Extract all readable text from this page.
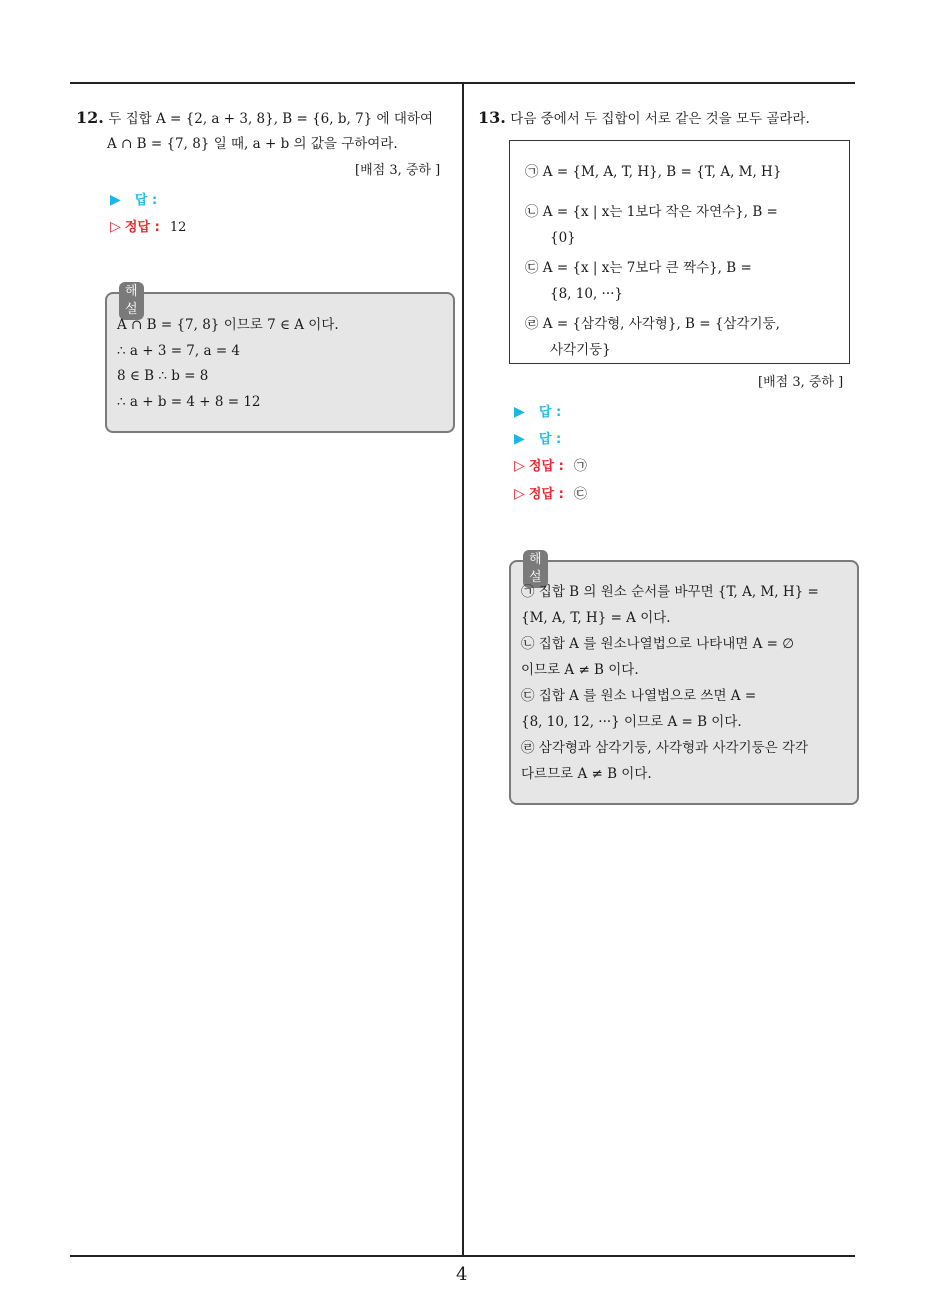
12. 두 집합 A = {2, a + 3, 8}, B = {6, b, 7} 에 대하여
A ∩ B = {7, 8} 일 때, a + b 의 값을 구하여라.
[배점 3, 중하 ]
▶ 답 :
▷ 정답 : 12
해설
A ∩ B = {7, 8} 이므로 7 ∈ A 이다.
∴ a + 3 = 7, a = 4
8 ∈ B ∴ b = 8
∴ a + b = 4 + 8 = 12
13. 다음 중에서 두 집합이 서로 같은 것을 모두 골라라.
㉠ A = {M, A, T, H}, B = {T, A, M, H}
㉡ A = {x | x는 1보다 작은 자연수}, B =
{0}
㉢ A = {x | x는 7보다 큰 짝수}, B =
{8, 10, ···}
㉣ A = {삼각형, 사각형}, B = {삼각기둥,
사각기둥}
[배점 3, 중하 ]
▶ 답 :
▶ 답 :
▷ 정답 : ㉠
▷ 정답 : ㉢
해설
㉠ 집합 B 의 원소 순서를 바꾸면 {T, A, M, H} =
{M, A, T, H} = A 이다.
㉡ 집합 A 를 원소나열법으로 나타내면 A = ∅
이므로 A ≠ B 이다.
㉢ 집합 A 를 원소 나열법으로 쓰면 A =
{8, 10, 12, ···} 이므로 A = B 이다.
㉣ 삼각형과 삼각기둥, 사각형과 사각기둥은 각각
다르므로 A ≠ B 이다.
4
